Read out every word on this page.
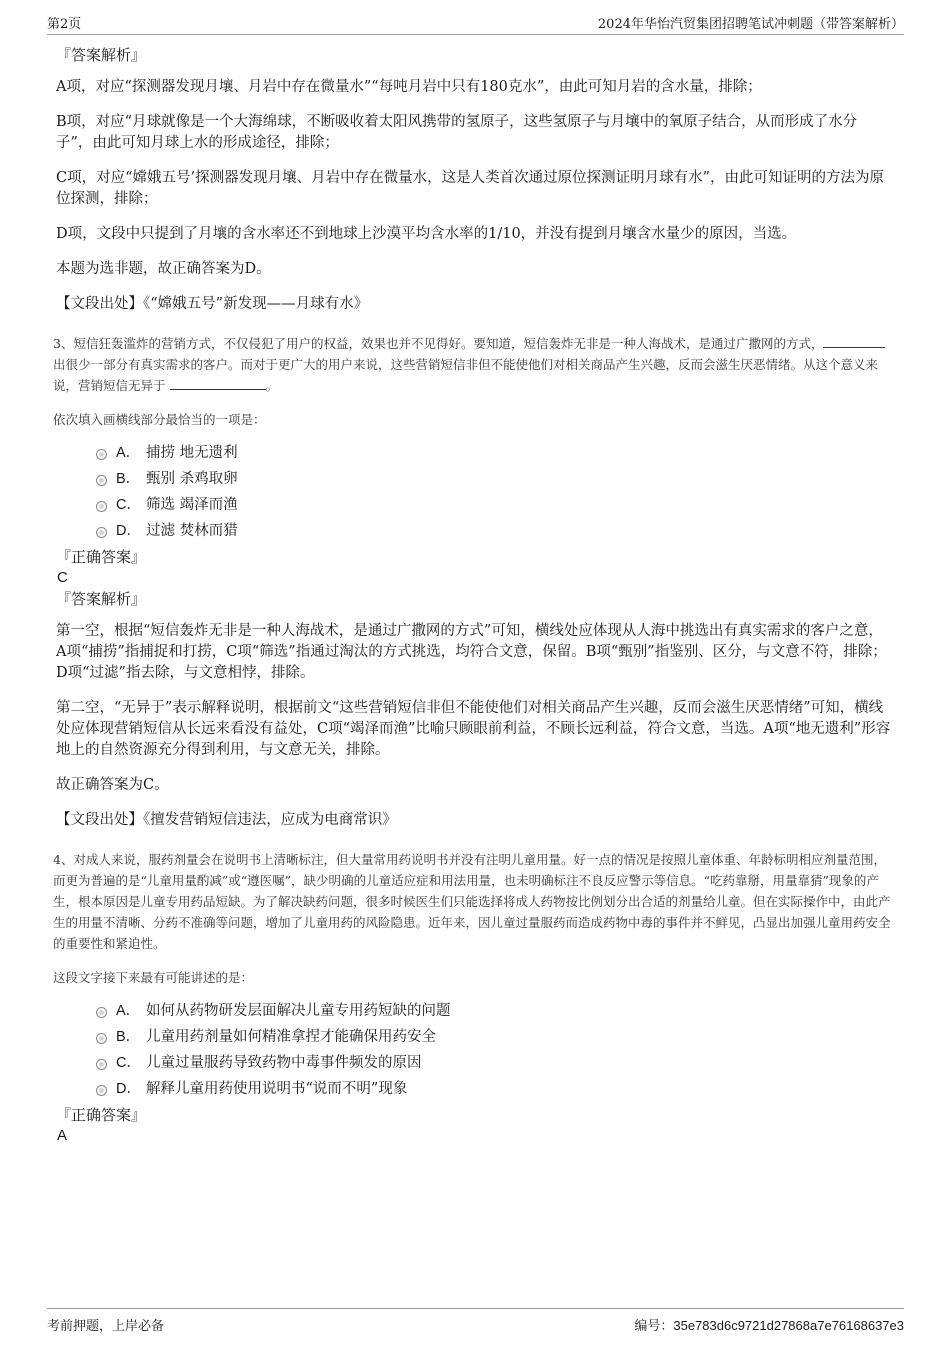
第2页	2024年华怡汽贸集团招聘笔试冲刺题（带答案解析）

『答案解析』

A项，对应“探测器发现月壤、月岩中存在微量水”“每吨月岩中只有180克水”，由此可知月岩的含水量，排除；

B项，对应“月球就像是一个大海绵球，不断吸收着太阳风携带的氢原子，这些氢原子与月壤中的氧原子结合，从而形成了水分子”，由此可知月球上水的形成途径，排除；

C项，对应“嫦娥五号’探测器发现月壤、月岩中存在微量水，这是人类首次通过原位探测证明月球有水”，由此可知证明的方法为原位探测，排除；

D项，文段中只提到了月壤的含水率还不到地球上沙漠平均含水率的1/10，并没有提到月壤含水量少的原因，当选。

本题为选非题，故正确答案为D。

【文段出处】《“嫦娥五号”新发现——月球有水》

3、短信狂轰滥炸的营销方式，不仅侵犯了用户的权益，效果也并不见得好。要知道，短信轰炸无非是一种人海战术，是通过广撒网的方式，出很少一部分有真实需求的客户。而对于更广大的用户来说，这些营销短信非但不能使他们对相关商品产生兴趣，反而会滋生厌恶情绪。从这个意义来说，营销短信无异于	。

依次填入画横线部分最恰当的一项是：

A． 捕捞 地无遗利
B． 甄别 杀鸡取卵
C． 筛选 竭泽而渔
D． 过滤 焚林而猎

『正确答案』

C

『答案解析』

第一空，根据“短信轰炸无非是一种人海战术，是通过广撒网的方式”可知，横线处应体现从人海中挑选出有真实需求的客户之意，A项“捕捞”指捕捉和打捞，C项“筛选”指通过淘汰的方式挑选，均符合文意，保留。B项“甄别”指鉴别、区分，与文意不符，排除；D项“过滤”指去除，与文意相悖，排除。

第二空，“无异于”表示解释说明，根据前文“这些营销短信非但不能使他们对相关商品产生兴趣，反而会滋生厌恶情绪”可知，横线处应体现营销短信从长远来看没有益处，C项“竭泽而渔”比喻只顾眼前利益，不顾长远利益，符合文意，当选。A项“地无遗利”形容地上的自然资源充分得到利用，与文意无关，排除。

故正确答案为C。

【文段出处】《擅发营销短信违法，应成为电商常识》

4、对成人来说，服药剂量会在说明书上清晰标注，但大量常用药说明书并没有注明儿童用量。好一点的情况是按照儿童体重、年龄标明相应剂量范围，而更为普遍的是“儿童用量酌减”或“遵医嘱”，缺少明确的儿童适应症和用法用量，也未明确标注不良反应警示等信息。“吃药靠掰，用量靠猜”现象的产生，根本原因是儿童专用药品短缺。为了解决缺药问题，很多时候医生们只能选择将成人药物按比例划分出合适的剂量给儿童。但在实际操作中，由此产生的用量不清晰、分药不准确等问题，增加了儿童用药的风险隐患。近年来，因儿童过量服药而造成药物中毒的事件并不鲜见，凸显出加强儿童用药安全的重要性和紧迫性。

这段文字接下来最有可能讲述的是：

A． 如何从药物研发层面解决儿童专用药短缺的问题
B． 儿童用药剂量如何精准拿捏才能确保用药安全
C． 儿童过量服药导致药物中毒事件频发的原因
D． 解释儿童用药使用说明书“说而不明”现象

『正确答案』

A

考前押题，上岸必备	编号：35e783d6c9721d27868a7e76168637e3
